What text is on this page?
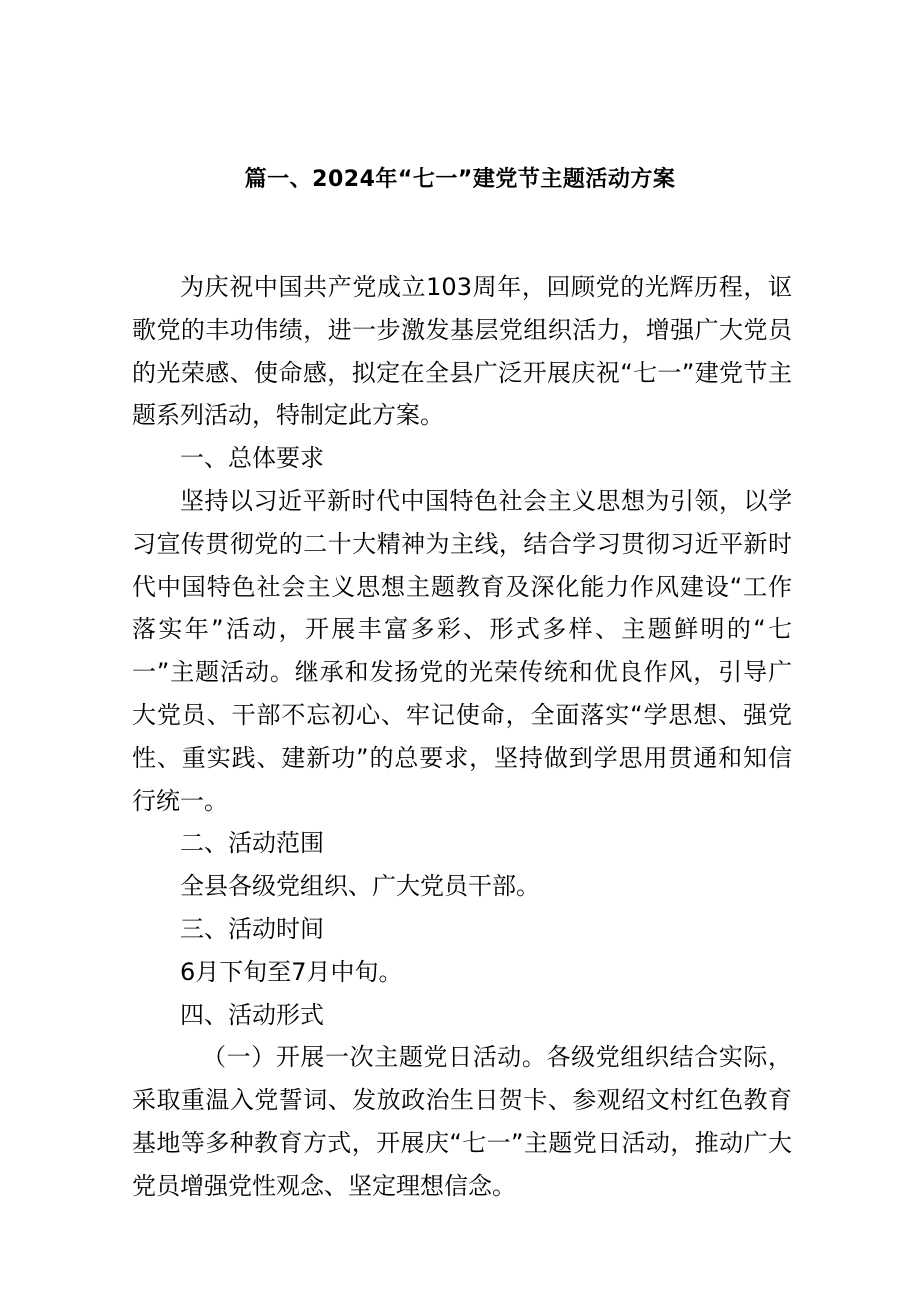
篇一、2024年“七一”建党节主题活动方案

为庆祝中国共产党成立103周年，回顾党的光辉历程，讴歌党的丰功伟绩，进一步激发基层党组织活力，增强广大党员的光荣感、使命感，拟定在全县广泛开展庆祝“七一”建党节主题系列活动，特制定此方案。

一、总体要求

坚持以习近平新时代中国特色社会主义思想为引领，以学习宣传贯彻党的二十大精神为主线，结合学习贯彻习近平新时代中国特色社会主义思想主题教育及深化能力作风建设“工作落实年”活动，开展丰富多彩、形式多样、主题鲜明的“七一”主题活动。继承和发扬党的光荣传统和优良作风，引导广大党员、干部不忘初心、牢记使命，全面落实“学思想、强党性、重实践、建新功”的总要求，坚持做到学思用贯通和知信行统一。

二、活动范围

全县各级党组织、广大党员干部。

三、活动时间

6月下旬至7月中旬。

四、活动形式

（一）开展一次主题党日活动。各级党组织结合实际，采取重温入党誓词、发放政治生日贺卡、参观绍文村红色教育基地等多种教育方式，开展庆“七一”主题党日活动，推动广大党员增强党性观念、坚定理想信念。
